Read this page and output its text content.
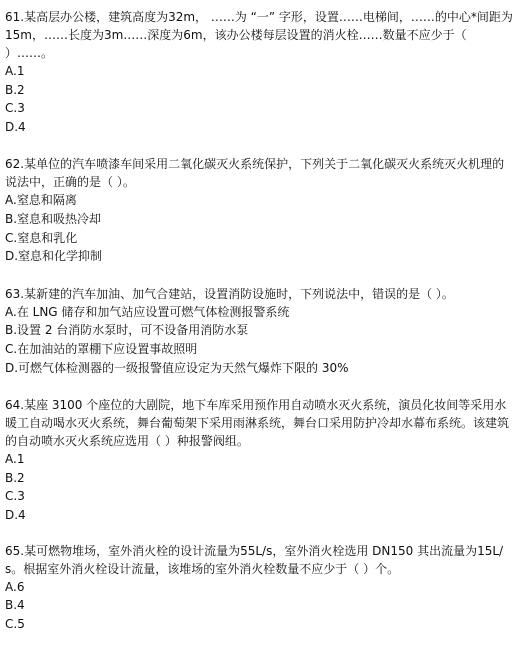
61.某高层办公楼，建筑高度为32m， ……为 “一” 字形，设置……电梯间，……的中心*间距为15m，……长度为3m……深度为6m，该办公楼每层设置的消火栓……数量不应少于（ ）……。

A.1
B.2
C.3
D.4

62.某单位的汽车喷漆车间采用二氧化碳灭火系统保护，下列关于二氧化碳灭火系统灭火机理的说法中，正确的是（ ）。

A.窒息和隔离
B.窒息和吸热冷却
C.窒息和乳化
D.窒息和化学抑制

63.某新建的汽车加油、加气合建站，设置消防设施时，下列说法中，错误的是（ ）。

A.在 LNG 储存和加气站应设置可燃气体检测报警系统
B.设置 2 台消防水泵时，可不设备用消防水泵
C.在加油站的罩棚下应设置事故照明
D.可燃气体检测器的一级报警值应设定为天然气爆炸下限的 30%

64.某座 3100 个座位的大剧院，地下车库采用预作用自动喷水灭火系统，演员化妆间等采用水暖工自动喝水灭火系统，舞台葡萄架下采用雨淋系统，舞台口采用防护冷却水幕布系统。该建筑的自动喷水灭火系统应选用（ ）种报警阀组。

A.1
B.2
C.3
D.4

65.某可燃物堆场，室外消火栓的设计流量为55L/s，室外消火栓选用 DN150 其出流量为15L/s。根据室外消火栓设计流量，该堆场的室外消火栓数量不应少于（ ）个。

A.6
B.4
C.5
